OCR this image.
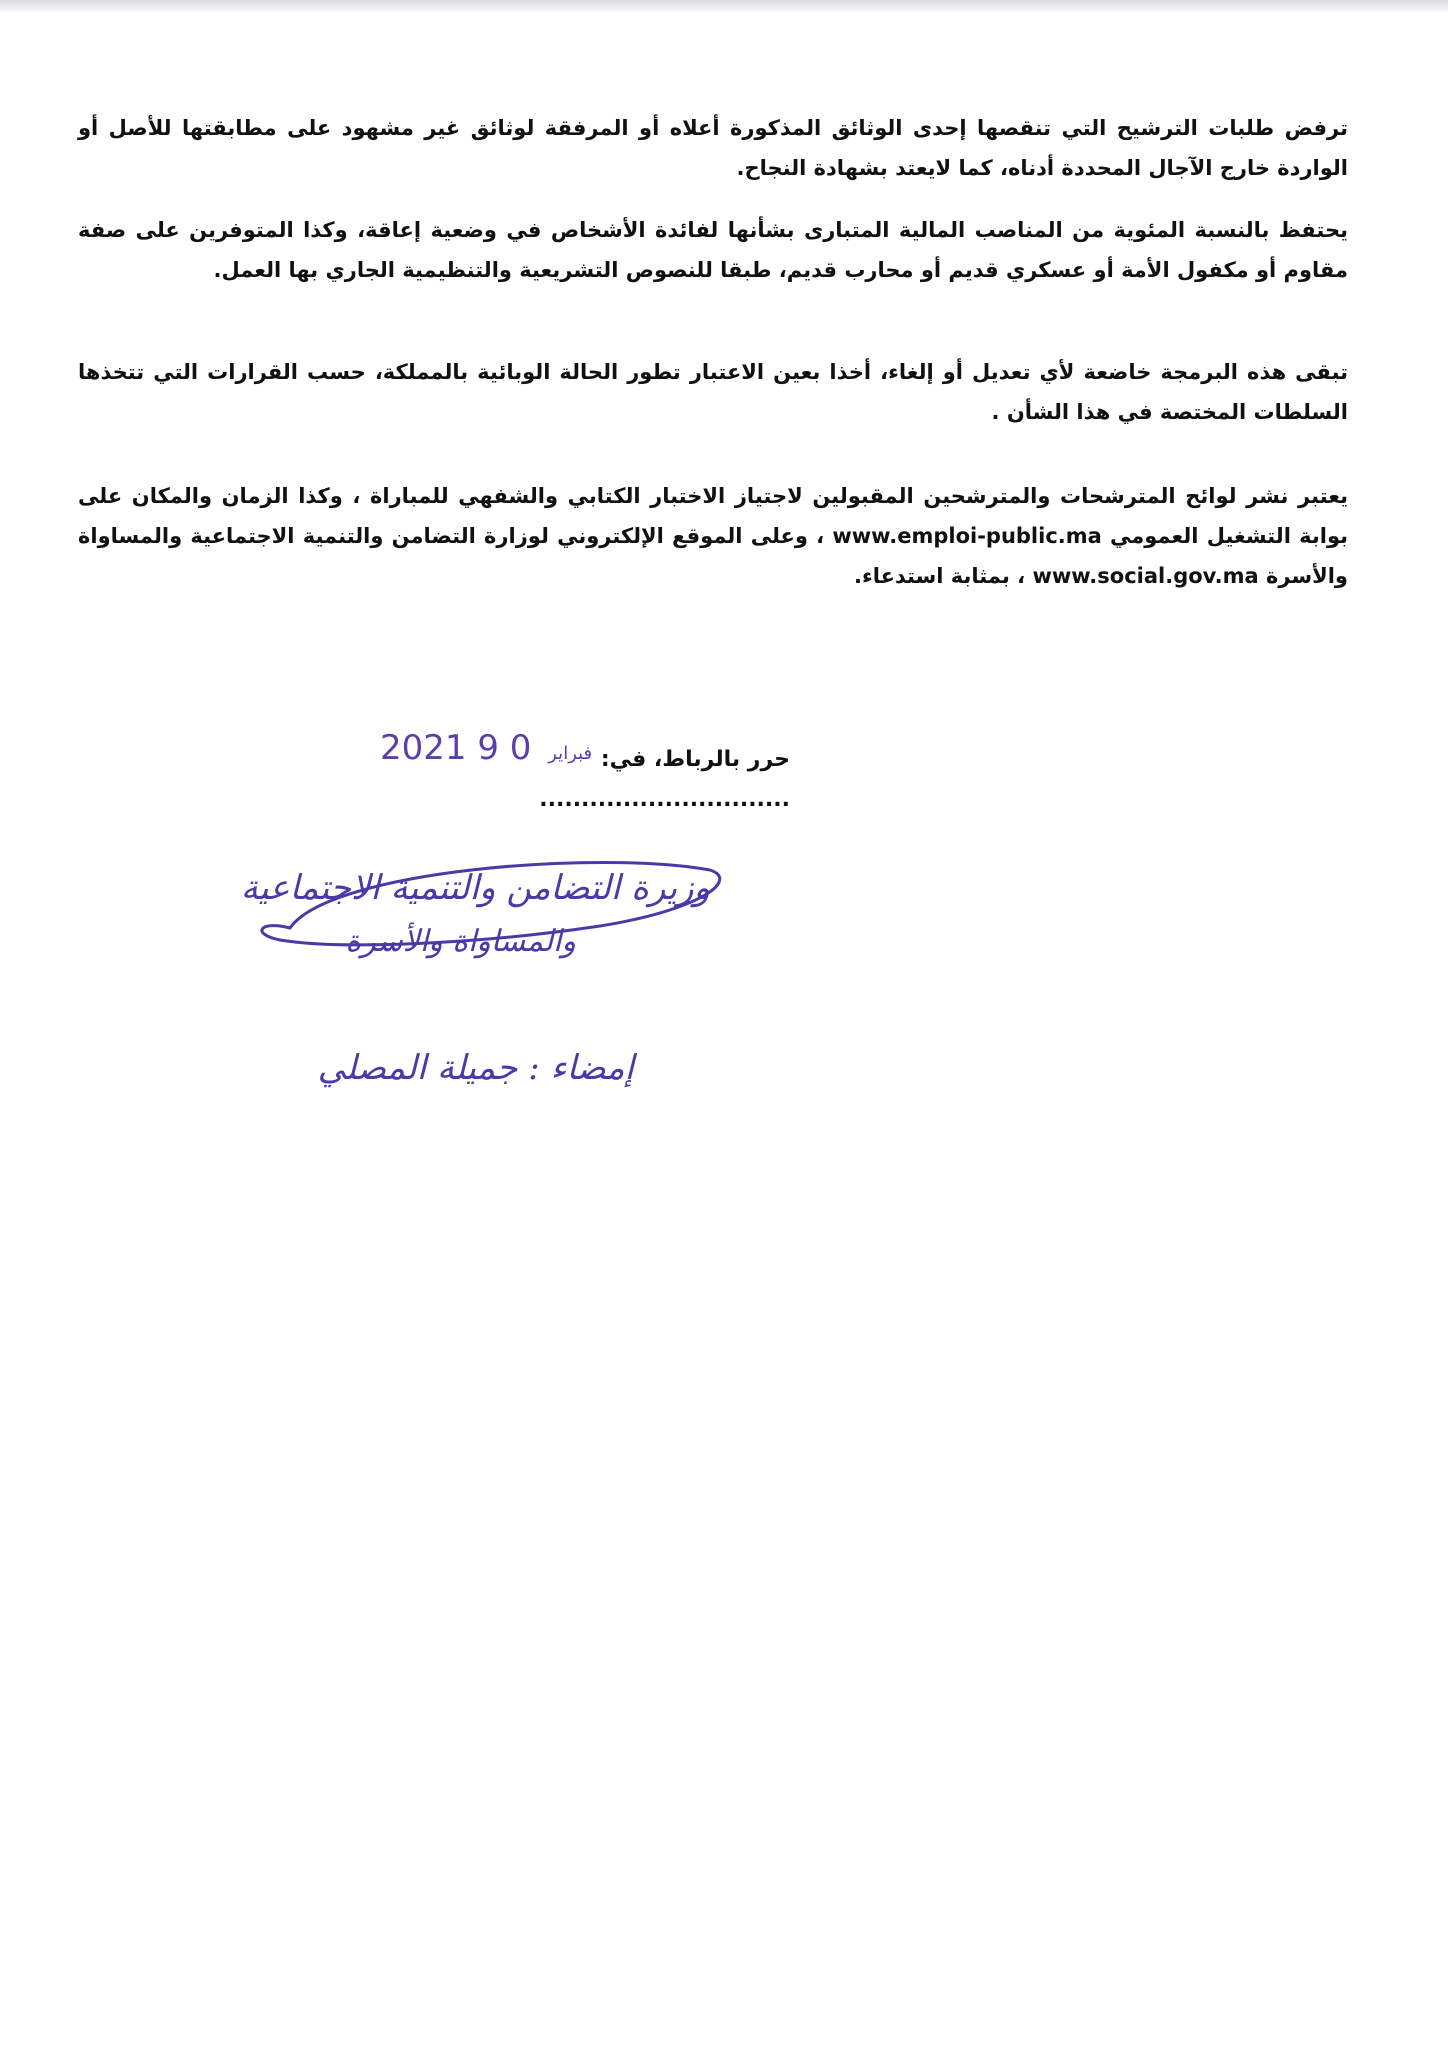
ترفض طلبات الترشيح التي تنقصها إحدى الوثائق المذكورة أعلاه أو المرفقة لوثائق غير مشهود على مطابقتها للأصل أو الواردة خارج الآجال المحددة أدناه، كما لايعتد بشهادة النجاح.

يحتفظ بالنسبة المئوية من المناصب المالية المتبارى بشأنها لفائدة الأشخاص في وضعية إعاقة، وكذا المتوفرين على صفة مقاوم أو مكفول الأمة أو عسكري قديم أو محارب قديم، طبقا للنصوص التشريعية والتنظيمية الجاري بها العمل.

تبقى هذه البرمجة خاضعة لأي تعديل أو إلغاء، أخذا بعين الاعتبار تطور الحالة الوبائية بالمملكة، حسب القرارات التي تتخذها السلطات المختصة في هذا الشأن .

يعتبر نشر لوائح المترشحات والمترشحين المقبولين لاجتياز الاختبار الكتابي والشفهي للمباراة ، وكذا الزمان والمكان على بوابة التشغيل العمومي www.emploi-public.ma ، وعلى الموقع الإلكتروني لوزارة التضامن والتنمية الاجتماعية والمساواة والأسرة www.social.gov.ma ، بمثابة استدعاء.

حرر بالرباط، في: ..............................
2021	فبراير 0 9
وزيرة التضامن والتنمية الاجتماعية
والمساواة والأسرة
إمضاء : جميلة المصلي
